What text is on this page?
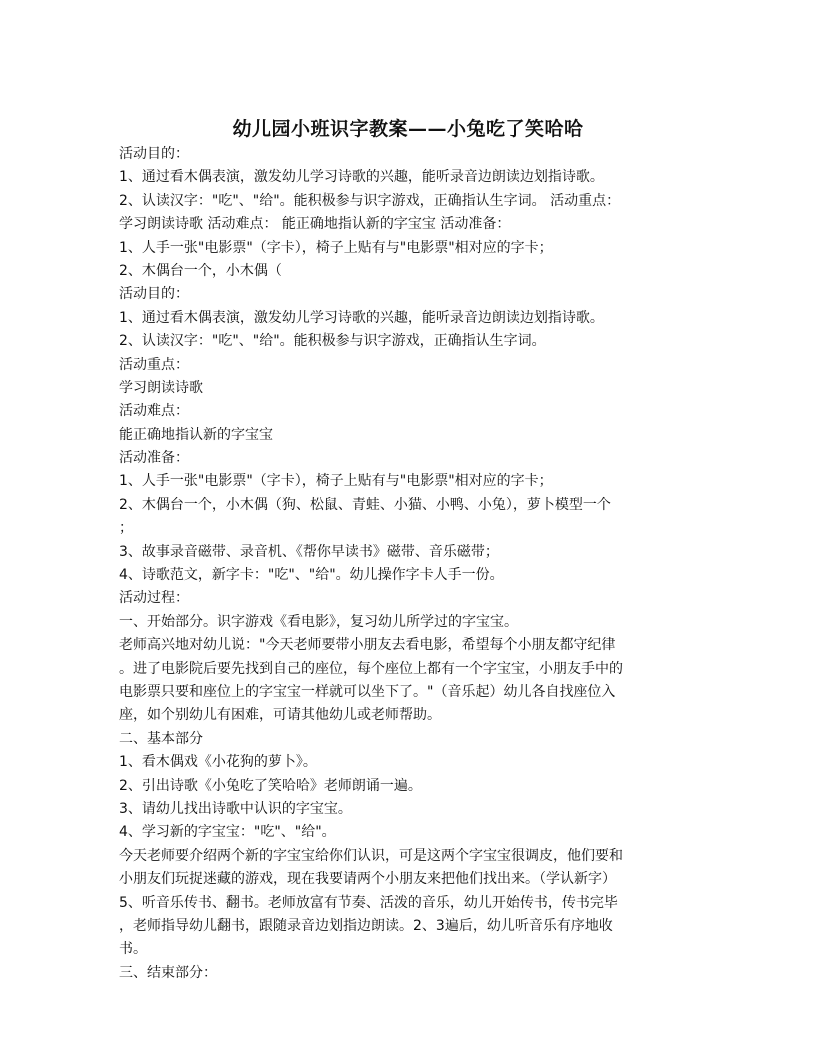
幼儿园小班识字教案——小兔吃了笑哈哈
活动目的：
1、通过看木偶表演，激发幼儿学习诗歌的兴趣，能听录音边朗读边划指诗歌。
2、认读汉字："吃"、"给"。能积极参与识字游戏，正确指认生字词。 活动重点：
学习朗读诗歌 活动难点： 能正确地指认新的字宝宝 活动准备：
1、人手一张"电影票"（字卡），椅子上贴有与"电影票"相对应的字卡；
2、木偶台一个，小木偶（
活动目的：
1、通过看木偶表演，激发幼儿学习诗歌的兴趣，能听录音边朗读边划指诗歌。
2、认读汉字："吃"、"给"。能积极参与识字游戏，正确指认生字词。
活动重点：
学习朗读诗歌
活动难点：
能正确地指认新的字宝宝
活动准备：
1、人手一张"电影票"（字卡），椅子上贴有与"电影票"相对应的字卡；
2、木偶台一个，小木偶（狗、松鼠、青蛙、小猫、小鸭、小兔），萝卜模型一个
；
3、故事录音磁带、录音机、《帮你早读书》磁带、音乐磁带；
4、诗歌范文，新字卡："吃"、"给"。幼儿操作字卡人手一份。
活动过程：
一、开始部分。识字游戏《看电影》，复习幼儿所学过的字宝宝。
老师高兴地对幼儿说："今天老师要带小朋友去看电影，希望每个小朋友都守纪律
。进了电影院后要先找到自己的座位，每个座位上都有一个字宝宝，小朋友手中的
电影票只要和座位上的字宝宝一样就可以坐下了。"（音乐起）幼儿各自找座位入
座，如个别幼儿有困难，可请其他幼儿或老师帮助。
二、基本部分
1、看木偶戏《小花狗的萝卜》。
2、引出诗歌《小兔吃了笑哈哈》老师朗诵一遍。
3、请幼儿找出诗歌中认识的字宝宝。
4、学习新的字宝宝："吃"、"给"。
今天老师要介绍两个新的字宝宝给你们认识，可是这两个字宝宝很调皮，他们要和
小朋友们玩捉迷藏的游戏，现在我要请两个小朋友来把他们找出来。（学认新字）
5、听音乐传书、翻书。老师放富有节奏、活泼的音乐，幼儿开始传书，传书完毕
，老师指导幼儿翻书，跟随录音边划指边朗读。2、3遍后，幼儿听音乐有序地收
书。
三、结束部分：
